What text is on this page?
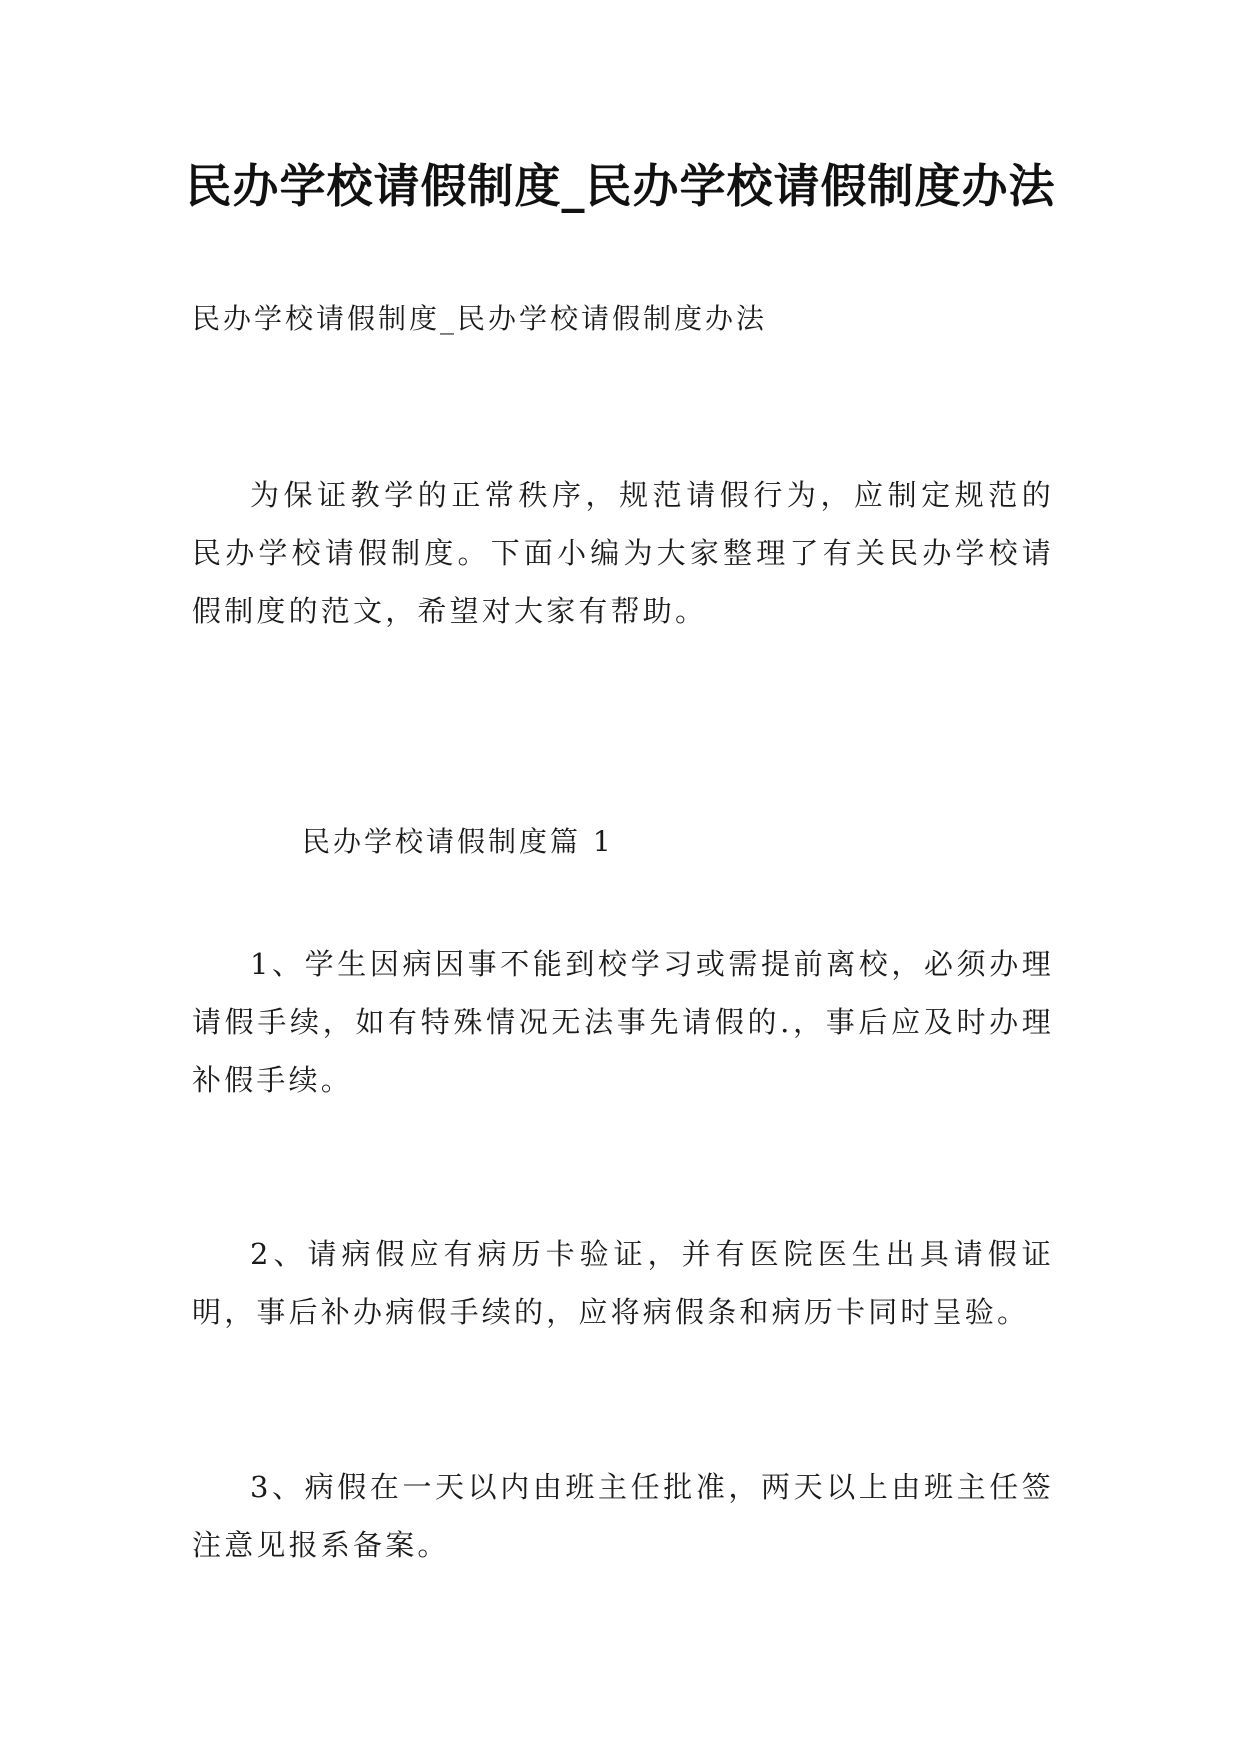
民办学校请假制度_民办学校请假制度办法

民办学校请假制度_民办学校请假制度办法

为保证教学的正常秩序，规范请假行为，应制定规范的民办学校请假制度。下面小编为大家整理了有关民办学校请假制度的范文，希望对大家有帮助。

民办学校请假制度篇 1

1、学生因病因事不能到校学习或需提前离校，必须办理请假手续，如有特殊情况无法事先请假的.，事后应及时办理补假手续。

2、请病假应有病历卡验证，并有医院医生出具请假证明，事后补办病假手续的，应将病假条和病历卡同时呈验。

3、病假在一天以内由班主任批准，两天以上由班主任签注意见报系备案。
